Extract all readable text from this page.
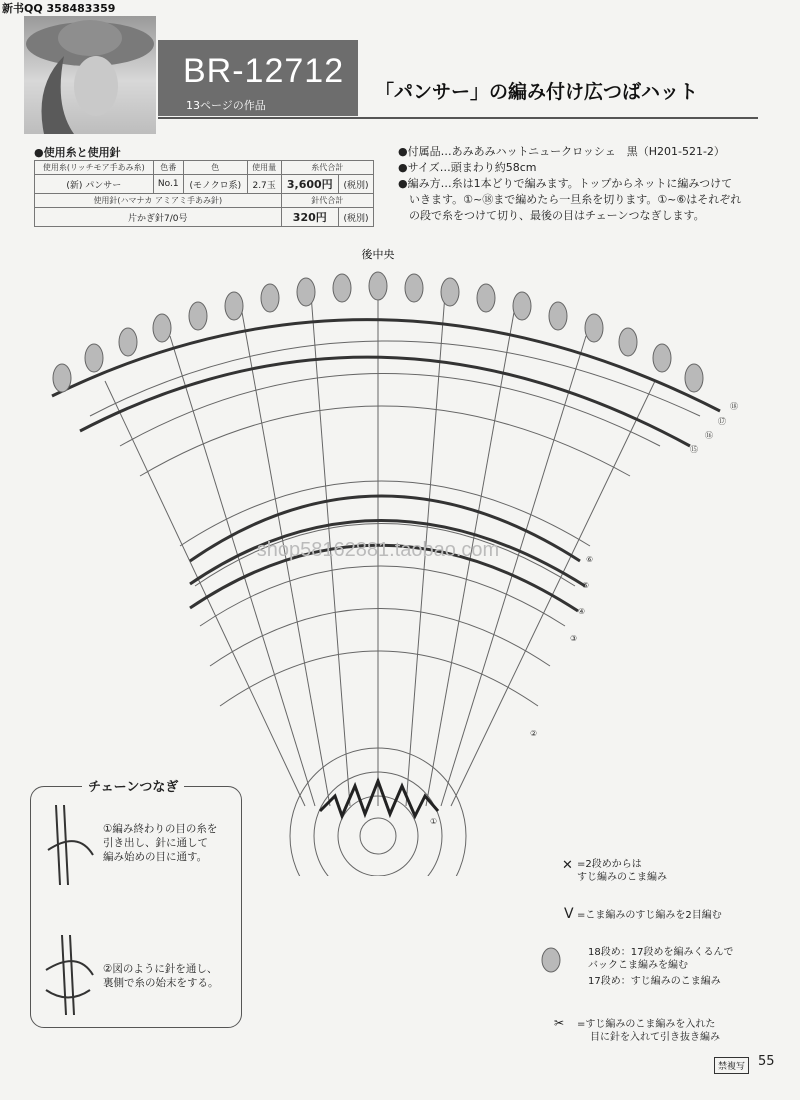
新书QQ 358483359
BR-12712
13ページの作品
「パンサー」の編み付け広つばハット
●使用糸と使用針
使用糸(リッチモア手あみ糸)	色番	色	使用量	糸代合計	
(新) パンサー	No.1	(モノクロ系)	2.7玉	3,600円	(税別)
使用針(ハマナカ アミアミ手あみ針)				針代合計	
片かぎ針7/0号				320円	(税別)
●付属品…あみあみハットニュークロッシェ　黒（H201-521-2）
●サイズ…頭まわり約58cm
●編み方…糸は1本どりで編みます。トップからネットに編みつけて
　いきます。①~⑱まで編めたら一旦糸を切ります。①~⑥はそれぞれ
　の段で糸をつけて切り、最後の目はチェーンつなぎします。
後中央
shop58162881.taobao.com
⑱
⑰
⑯
⑮
⑥
⑤
④
③
②
①
チェーンつなぎ
①編み終わりの目の糸を
引き出し、針に通して
編み始めの目に通す。
②図のように針を通し、
裏側で糸の始末をする。
✕ =2段めからは
すじ編みのこま編み
V =こま編みのすじ編みを2目編む
18段め：17段めを編みくるんで
バックこま編みを編む
17段め：すじ編みのこま編み
✂ =すじ編みのこま編みを入れた
目に針を入れて引き抜き編み
禁複写 55
